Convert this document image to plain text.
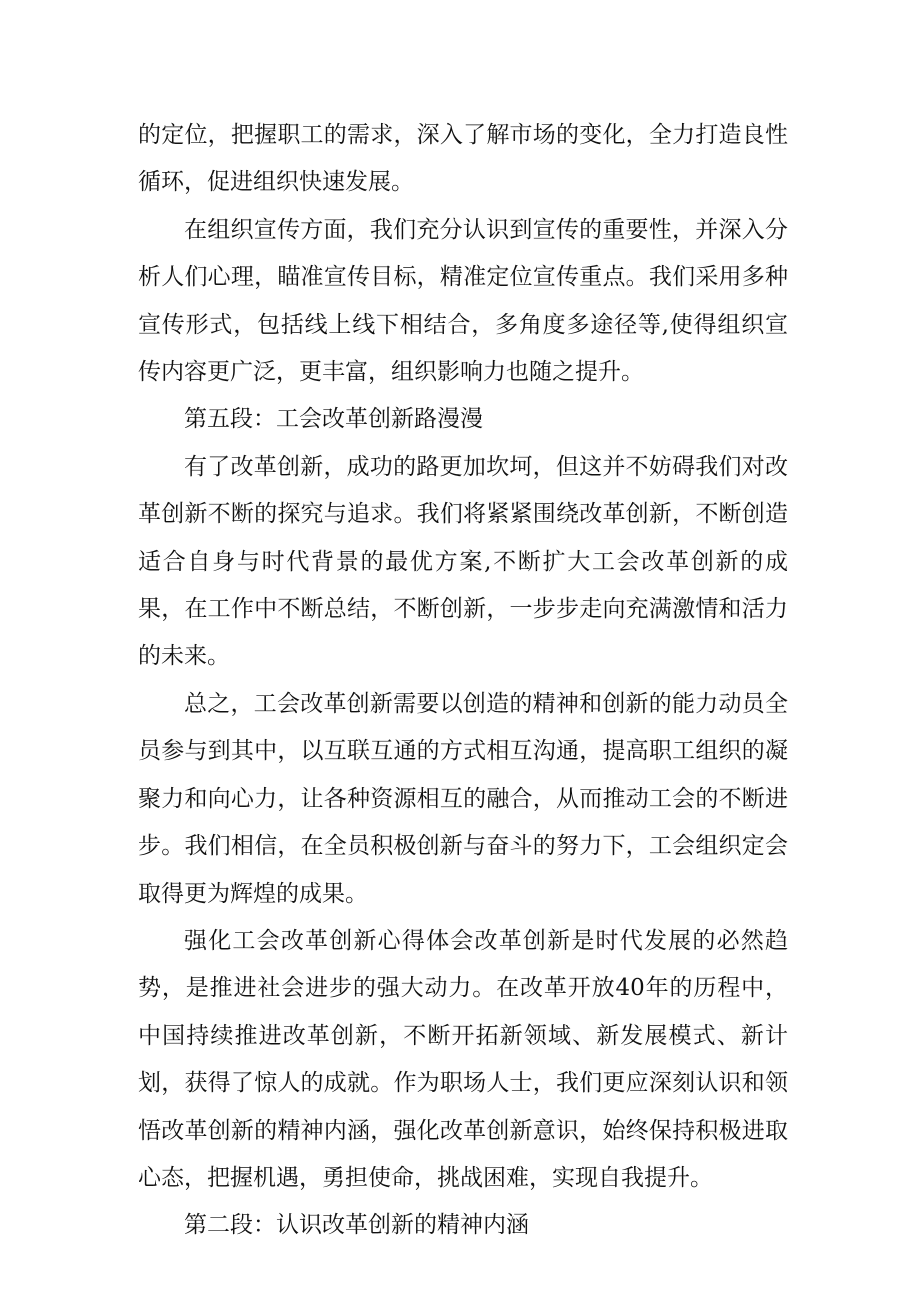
的定位，把握职工的需求，深入了解市场的变化，全力打造良性循环，促进组织快速发展。

在组织宣传方面，我们充分认识到宣传的重要性，并深入分析人们心理，瞄准宣传目标，精准定位宣传重点。我们采用多种宣传形式，包括线上线下相结合，多角度多途径等,使得组织宣传内容更广泛，更丰富，组织影响力也随之提升。

第五段：工会改革创新路漫漫

有了改革创新，成功的路更加坎坷，但这并不妨碍我们对改革创新不断的探究与追求。我们将紧紧围绕改革创新，不断创造适合自身与时代背景的最优方案,不断扩大工会改革创新的成果，在工作中不断总结，不断创新，一步步走向充满激情和活力的未来。

总之，工会改革创新需要以创造的精神和创新的能力动员全员参与到其中，以互联互通的方式相互沟通，提高职工组织的凝聚力和向心力，让各种资源相互的融合，从而推动工会的不断进步。我们相信，在全员积极创新与奋斗的努力下，工会组织定会取得更为辉煌的成果。

强化工会改革创新心得体会改革创新是时代发展的必然趋势，是推进社会进步的强大动力。在改革开放40年的历程中，中国持续推进改革创新，不断开拓新领域、新发展模式、新计划，获得了惊人的成就。作为职场人士，我们更应深刻认识和领悟改革创新的精神内涵，强化改革创新意识，始终保持积极进取心态，把握机遇，勇担使命，挑战困难，实现自我提升。

第二段：认识改革创新的精神内涵
